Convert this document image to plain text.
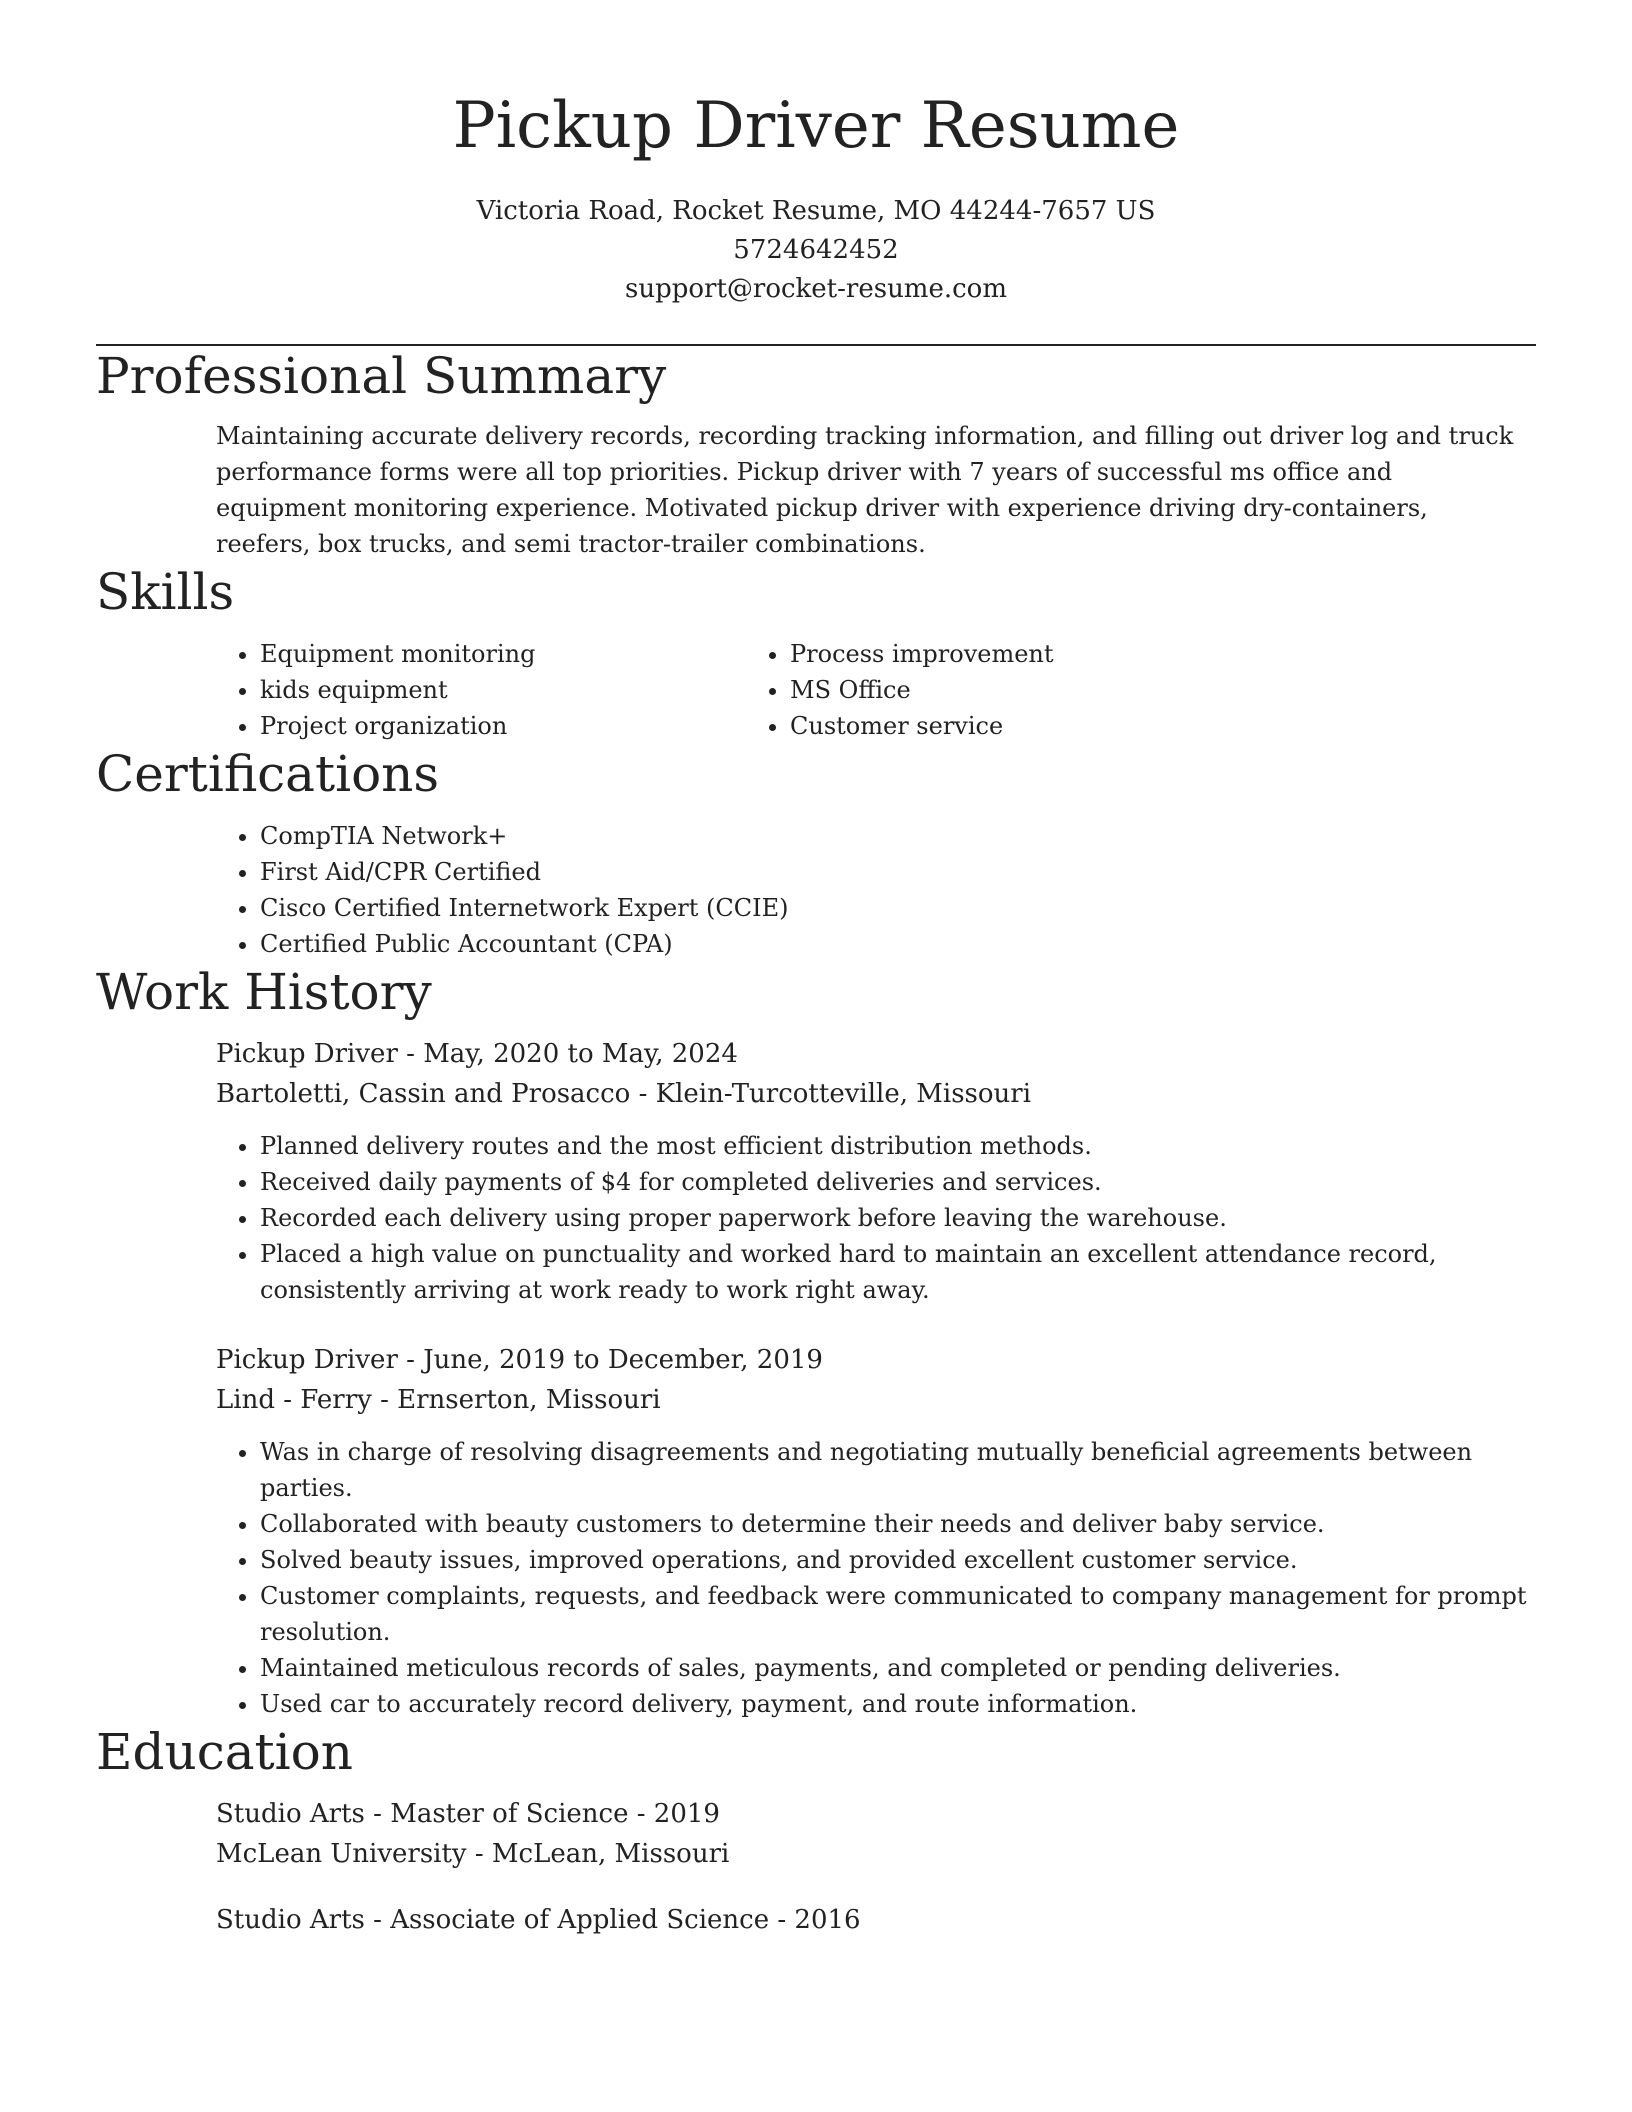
Pickup Driver Resume
Victoria Road, Rocket Resume, MO 44244-7657 US
5724642452
support@rocket-resume.com
Professional Summary

Maintaining accurate delivery records, recording tracking information, and filling out driver log and truck performance forms were all top priorities. Pickup driver with 7 years of successful ms office and equipment monitoring experience. Motivated pickup driver with experience driving dry-containers, reefers, box trucks, and semi tractor-trailer combinations.

Skills
• Equipment monitoring
• kids equipment
• Project organization
• Process improvement
• MS Office
• Customer service
Certifications
• CompTIA Network+
• First Aid/CPR Certified
• Cisco Certified Internetwork Expert (CCIE)
• Certified Public Accountant (CPA)
Work History
Pickup Driver - May, 2020 to May, 2024
Bartoletti, Cassin and Prosacco - Klein-Turcotteville, Missouri
• Planned delivery routes and the most efficient distribution methods.
• Received daily payments of $4 for completed deliveries and services.
• Recorded each delivery using proper paperwork before leaving the warehouse.
• Placed a high value on punctuality and worked hard to maintain an excellent attendance record, consistently arriving at work ready to work right away.
Pickup Driver - June, 2019 to December, 2019
Lind - Ferry - Ernserton, Missouri
• Was in charge of resolving disagreements and negotiating mutually beneficial agreements between parties.
• Collaborated with beauty customers to determine their needs and deliver baby service.
• Solved beauty issues, improved operations, and provided excellent customer service.
• Customer complaints, requests, and feedback were communicated to company management for prompt resolution.
• Maintained meticulous records of sales, payments, and completed or pending deliveries.
• Used car to accurately record delivery, payment, and route information.
Education
Studio Arts - Master of Science - 2019
McLean University - McLean, Missouri
Studio Arts - Associate of Applied Science - 2016
